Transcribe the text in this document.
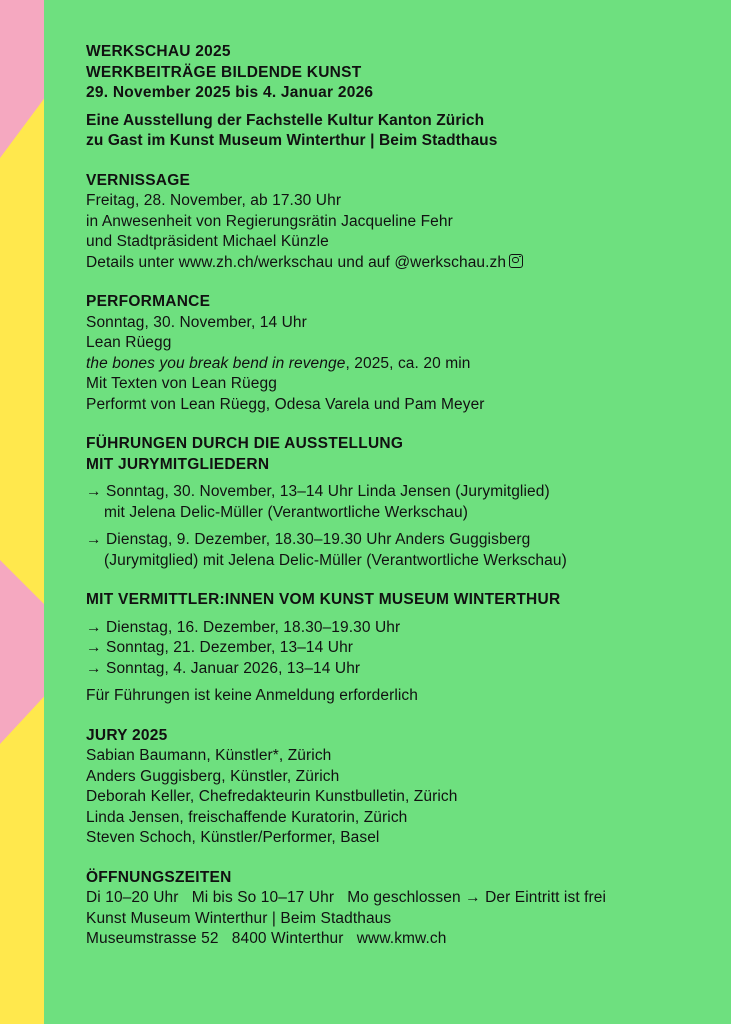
WERKSCHAU 2025
WERKBEITRÄGE BILDENDE KUNST
29. November 2025 bis 4. Januar 2026
Eine Ausstellung der Fachstelle Kultur Kanton Zürich
zu Gast im Kunst Museum Winterthur | Beim Stadthaus
VERNISSAGE
Freitag, 28. November, ab 17.30 Uhr
in Anwesenheit von Regierungsrätin Jacqueline Fehr
und Stadtpräsident Michael Künzle
Details unter www.zh.ch/werkschau und auf @werkschau.zh
PERFORMANCE
Sonntag, 30. November, 14 Uhr
Lean Rüegg
the bones you break bend in revenge, 2025, ca. 20 min
Mit Texten von Lean Rüegg
Performt von Lean Rüegg, Odesa Varela und Pam Meyer
FÜHRUNGEN DURCH DIE AUSSTELLUNG
MIT JURYMITGLIEDERN
→ Sonntag, 30. November, 13–14 Uhr Linda Jensen (Jurymitglied)
mit Jelena Delic-Müller (Verantwortliche Werkschau)
→ Dienstag, 9. Dezember, 18.30–19.30 Uhr Anders Guggisberg
(Jurymitglied) mit Jelena Delic-Müller (Verantwortliche Werkschau)
MIT VERMITTLER:INNEN VOM KUNST MUSEUM WINTERTHUR
→ Dienstag, 16. Dezember, 18.30–19.30 Uhr
→ Sonntag, 21. Dezember, 13–14 Uhr
→ Sonntag, 4. Januar 2026, 13–14 Uhr
Für Führungen ist keine Anmeldung erforderlich
JURY 2025
Sabian Baumann, Künstler*, Zürich
Anders Guggisberg, Künstler, Zürich
Deborah Keller, Chefredakteurin Kunstbulletin, Zürich
Linda Jensen, freischaffende Kuratorin, Zürich
Steven Schoch, Künstler/Performer, Basel
ÖFFNUNGSZEITEN
Di 10–20 Uhr   Mi bis So 10–17 Uhr   Mo geschlossen → Der Eintritt ist frei
Kunst Museum Winterthur | Beim Stadthaus
Museumstrasse 52   8400 Winterthur   www.kmw.ch
